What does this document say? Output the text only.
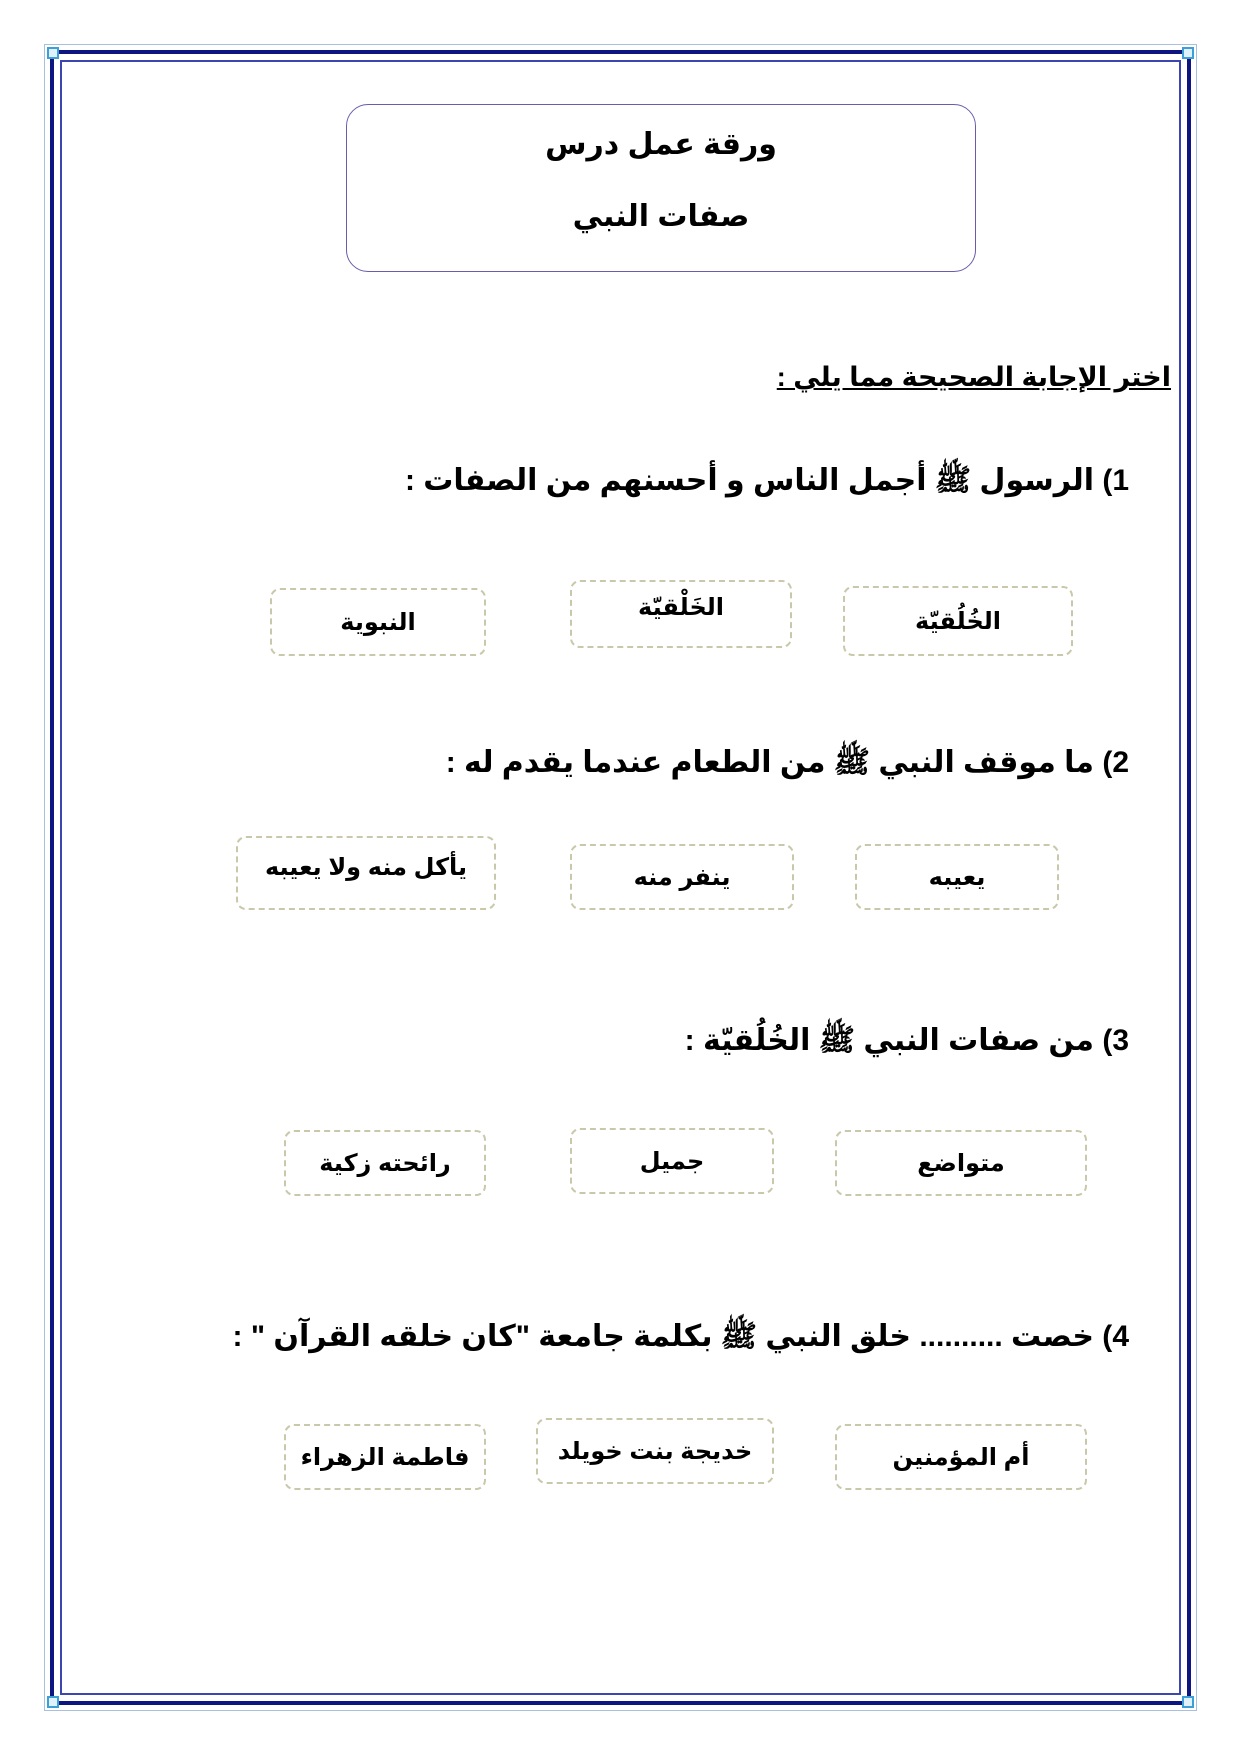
ورقة عمل درس
صفات النبي
اختر الإجابة الصحيحة مما يلي :
1) الرسول ﷺ أجمل الناس و أحسنهم من الصفات :
الخُلُقيّة
الخَلْقيّة
النبوية
2) ما موقف النبي ﷺ من الطعام عندما يقدم له :
يعيبه
ينفر منه
يأكل منه ولا يعيبه
3) من صفات النبي ﷺ الخُلُقيّة :
متواضع
جميل
رائحته زكية
4) خصت .......... خلق النبي ﷺ بكلمة جامعة "كان خلقه القرآن " :
أم المؤمنين
خديجة بنت خويلد
فاطمة الزهراء
